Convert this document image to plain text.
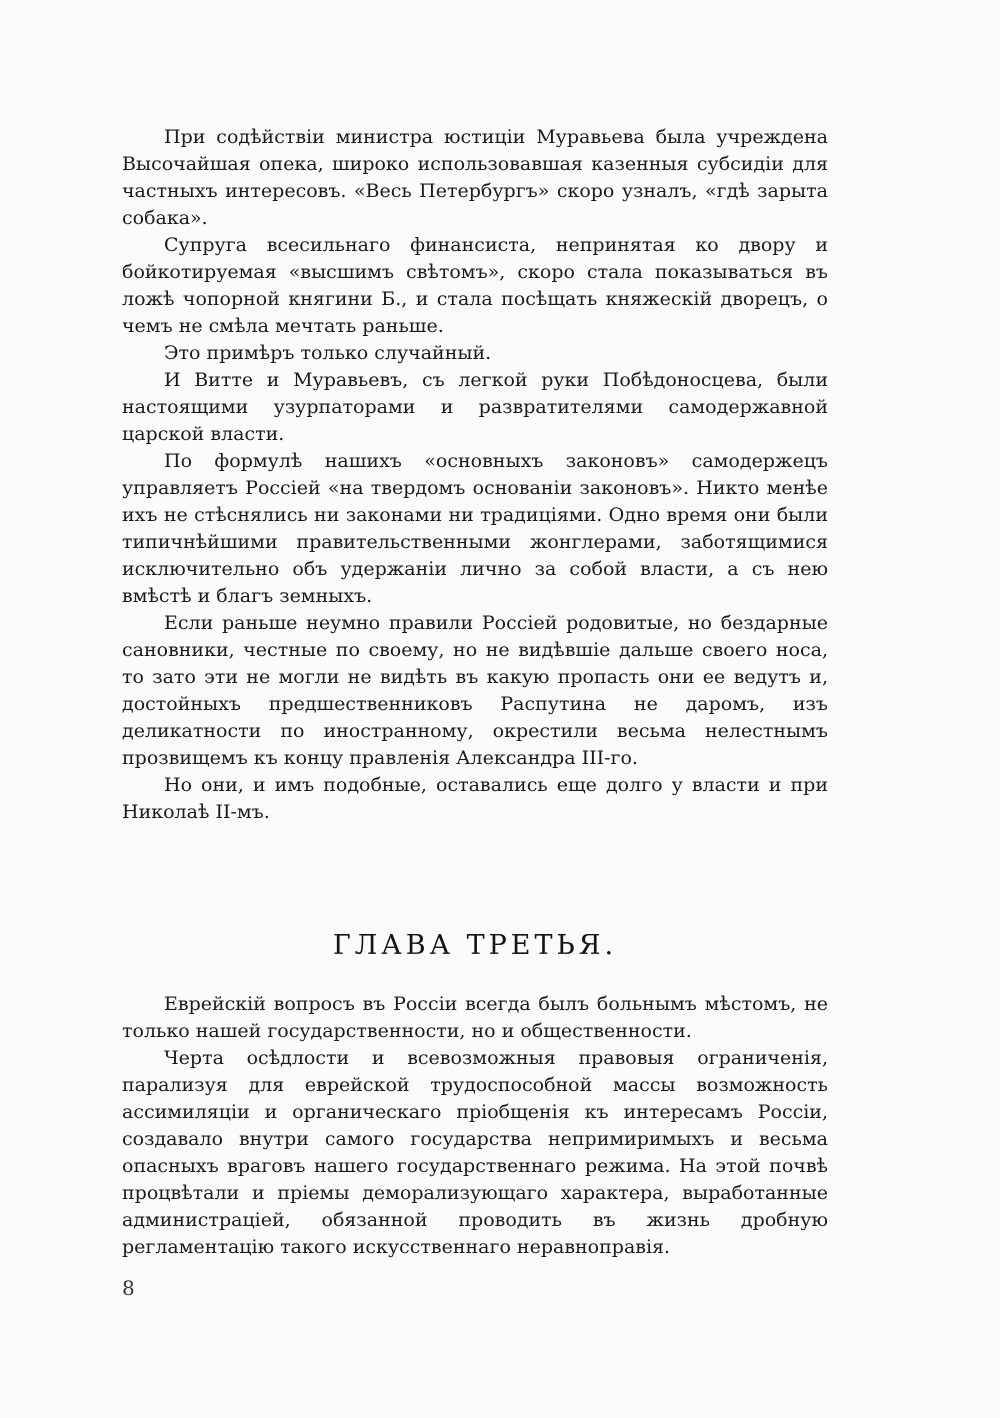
При содѣйствіи министра юстиціи Муравьева была учреждена Высочайшая опека, широко использовавшая казенныя субсидіи для частныхъ интересовъ. «Весь Петербургъ» скоро узналъ, «гдѣ зарыта собака».

Супруга всесильнаго финансиста, непринятая ко двору и бойкотируемая «высшимъ свѣтомъ», скоро стала показываться въ ложѣ чопорной княгини Б., и стала посѣщать княжескій дворецъ, о чемъ не смѣла мечтать раньше.

Это примѣръ только случайный.

И Витте и Муравьевъ, съ легкой руки Побѣдоносцева, были настоящими узурпаторами и развратителями самодержавной царской власти.

По формулѣ нашихъ «основныхъ законовъ» самодержецъ управляетъ Россіей «на твердомъ основаніи законовъ». Никто менѣе ихъ не стѣснялись ни законами ни традиціями. Одно время они были типичнѣйшими правительственными жонглерами, заботящимися исключительно объ удержаніи лично за собой власти, а съ нею вмѣстѣ и благъ земныхъ.

Если раньше неумно правили Россіей родовитые, но бездарные сановники, честные по своему, но не видѣвшіе дальше своего носа, то зато эти не могли не видѣть въ какую пропасть они ее ведутъ и, достойныхъ предшественниковъ Распутина не даромъ, изъ деликатности по иностранному, окрестили весьма нелестнымъ прозвищемъ къ концу правленія Александра III-го.

Но они, и имъ подобные, оставались еще долго у власти и при Николаѣ II-мъ.

ГЛАВА ТРЕТЬЯ.

Еврейскій вопросъ въ Россіи всегда былъ больнымъ мѣстомъ, не только нашей государственности, но и общественности.

Черта осѣдлости и всевозможныя правовыя ограниченія, парализуя для еврейской трудоспособной массы возможность ассимиляціи и органическаго пріобщенія къ интересамъ Россіи, создавало внутри самого государства непримиримыхъ и весьма опасныхъ враговъ нашего государственнаго режима. На этой почвѣ процвѣтали и пріемы деморализующаго характера, выработанные администраціей, обязанной проводить въ жизнь дробную регламентацію такого искусственнаго неравноправія.

8
